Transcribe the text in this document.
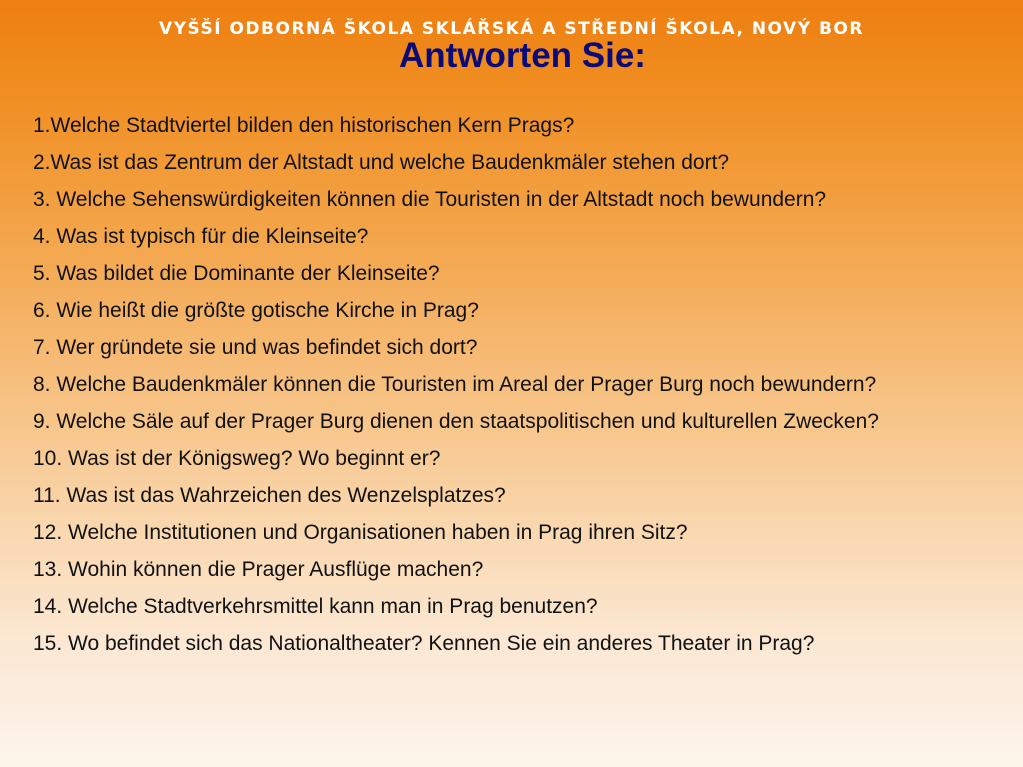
VYŠŠÍ ODBORNÁ ŠKOLA SKLÁŘSKÁ A STŘEDNÍ ŠKOLA, NOVÝ BOR
Antworten Sie:
1.Welche Stadtviertel bilden den historischen Kern Prags?
2.Was ist das Zentrum der Altstadt und welche Baudenkmäler stehen dort?
3. Welche Sehenswürdigkeiten können die Touristen in der Altstadt noch bewundern?
4. Was ist typisch für die Kleinseite?
5. Was bildet die Dominante der Kleinseite?
6. Wie heißt die größte gotische Kirche in Prag?
7. Wer gründete sie und was befindet sich dort?
8. Welche Baudenkmäler können die Touristen im Areal der Prager Burg noch bewundern?
9. Welche Säle auf der Prager Burg dienen den staatspolitischen und kulturellen Zwecken?
10. Was ist der Königsweg? Wo beginnt er?
11. Was ist das Wahrzeichen des Wenzelsplatzes?
12. Welche Institutionen und Organisationen haben in Prag ihren Sitz?
13. Wohin können die Prager Ausflüge machen?
14. Welche Stadtverkehrsmittel kann man in Prag benutzen?
15. Wo befindet sich das Nationaltheater? Kennen Sie ein anderes Theater in Prag?
